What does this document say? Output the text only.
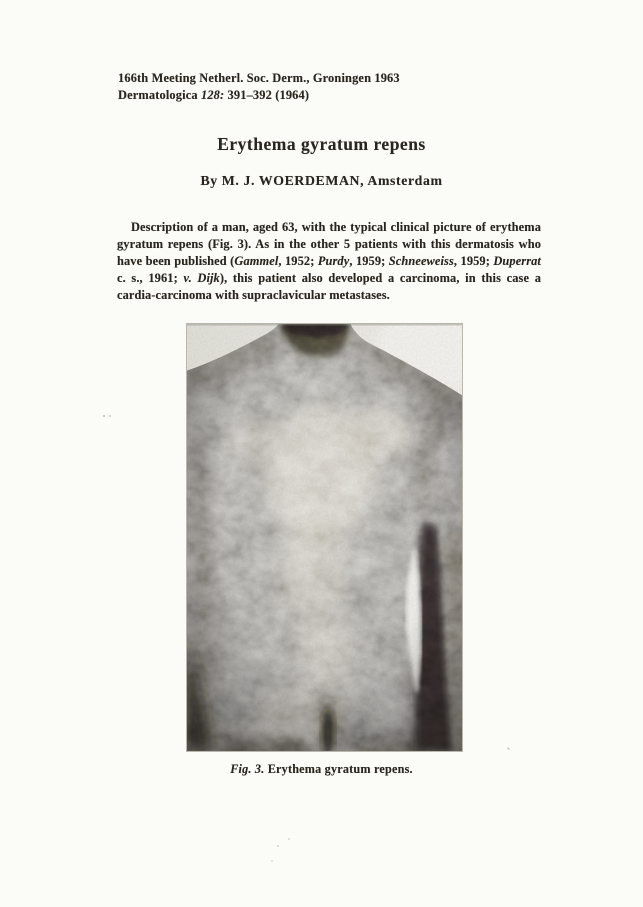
166th Meeting Netherl. Soc. Derm., Groningen 1963
Dermatologica 128: 391–392 (1964)
Erythema gyratum repens
By M. J. WOERDEMAN, Amsterdam

Description of a man, aged 63, with the typical clinical picture of erythema gyratum repens (Fig. 3). As in the other 5 patients with this dermatosis who have been published (Gammel, 1952; Purdy, 1959; Schneeweiss, 1959; Duperrat c. s., 1961; v. Dijk), this patient also developed a carcinoma, in this case a cardia-carcinoma with supraclavicular metastases.

Fig. 3. Erythema gyratum repens.
